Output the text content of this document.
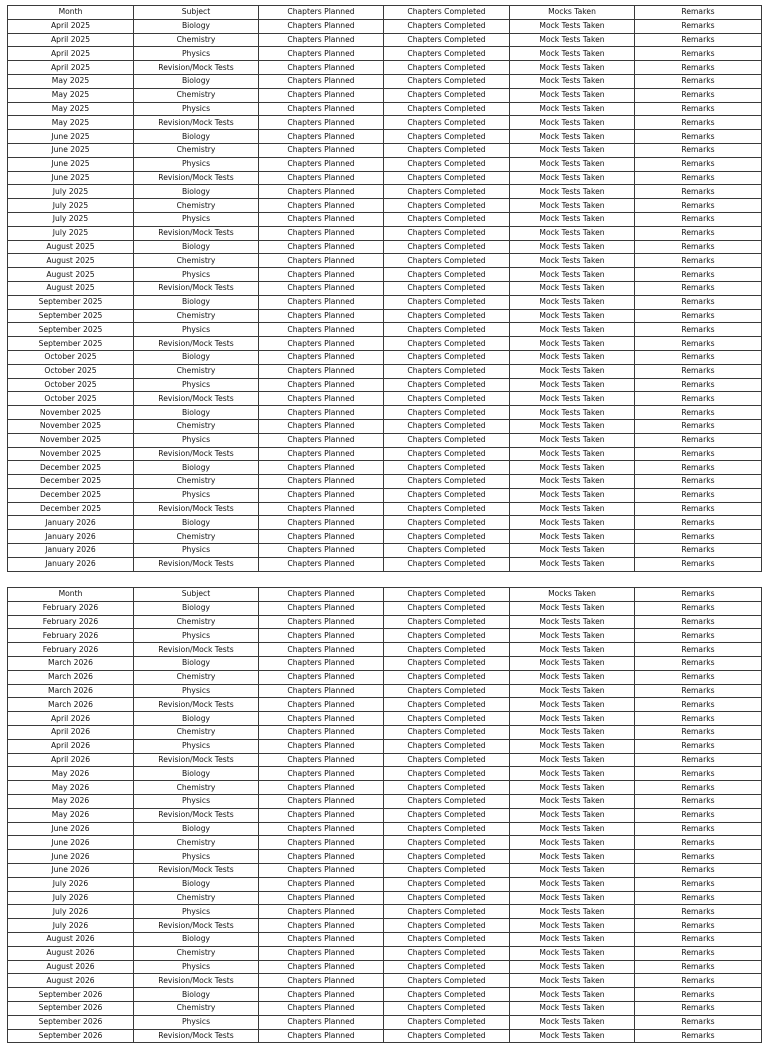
Month	Subject	Chapters Planned	Chapters Completed	Mocks Taken	Remarks
April 2025	Biology	Chapters Planned	Chapters Completed	Mock Tests Taken	Remarks
April 2025	Chemistry	Chapters Planned	Chapters Completed	Mock Tests Taken	Remarks
April 2025	Physics	Chapters Planned	Chapters Completed	Mock Tests Taken	Remarks
April 2025	Revision/Mock Tests	Chapters Planned	Chapters Completed	Mock Tests Taken	Remarks
May 2025	Biology	Chapters Planned	Chapters Completed	Mock Tests Taken	Remarks
May 2025	Chemistry	Chapters Planned	Chapters Completed	Mock Tests Taken	Remarks
May 2025	Physics	Chapters Planned	Chapters Completed	Mock Tests Taken	Remarks
May 2025	Revision/Mock Tests	Chapters Planned	Chapters Completed	Mock Tests Taken	Remarks
June 2025	Biology	Chapters Planned	Chapters Completed	Mock Tests Taken	Remarks
June 2025	Chemistry	Chapters Planned	Chapters Completed	Mock Tests Taken	Remarks
June 2025	Physics	Chapters Planned	Chapters Completed	Mock Tests Taken	Remarks
June 2025	Revision/Mock Tests	Chapters Planned	Chapters Completed	Mock Tests Taken	Remarks
July 2025	Biology	Chapters Planned	Chapters Completed	Mock Tests Taken	Remarks
July 2025	Chemistry	Chapters Planned	Chapters Completed	Mock Tests Taken	Remarks
July 2025	Physics	Chapters Planned	Chapters Completed	Mock Tests Taken	Remarks
July 2025	Revision/Mock Tests	Chapters Planned	Chapters Completed	Mock Tests Taken	Remarks
August 2025	Biology	Chapters Planned	Chapters Completed	Mock Tests Taken	Remarks
August 2025	Chemistry	Chapters Planned	Chapters Completed	Mock Tests Taken	Remarks
August 2025	Physics	Chapters Planned	Chapters Completed	Mock Tests Taken	Remarks
August 2025	Revision/Mock Tests	Chapters Planned	Chapters Completed	Mock Tests Taken	Remarks
September 2025	Biology	Chapters Planned	Chapters Completed	Mock Tests Taken	Remarks
September 2025	Chemistry	Chapters Planned	Chapters Completed	Mock Tests Taken	Remarks
September 2025	Physics	Chapters Planned	Chapters Completed	Mock Tests Taken	Remarks
September 2025	Revision/Mock Tests	Chapters Planned	Chapters Completed	Mock Tests Taken	Remarks
October 2025	Biology	Chapters Planned	Chapters Completed	Mock Tests Taken	Remarks
October 2025	Chemistry	Chapters Planned	Chapters Completed	Mock Tests Taken	Remarks
October 2025	Physics	Chapters Planned	Chapters Completed	Mock Tests Taken	Remarks
October 2025	Revision/Mock Tests	Chapters Planned	Chapters Completed	Mock Tests Taken	Remarks
November 2025	Biology	Chapters Planned	Chapters Completed	Mock Tests Taken	Remarks
November 2025	Chemistry	Chapters Planned	Chapters Completed	Mock Tests Taken	Remarks
November 2025	Physics	Chapters Planned	Chapters Completed	Mock Tests Taken	Remarks
November 2025	Revision/Mock Tests	Chapters Planned	Chapters Completed	Mock Tests Taken	Remarks
December 2025	Biology	Chapters Planned	Chapters Completed	Mock Tests Taken	Remarks
December 2025	Chemistry	Chapters Planned	Chapters Completed	Mock Tests Taken	Remarks
December 2025	Physics	Chapters Planned	Chapters Completed	Mock Tests Taken	Remarks
December 2025	Revision/Mock Tests	Chapters Planned	Chapters Completed	Mock Tests Taken	Remarks
January 2026	Biology	Chapters Planned	Chapters Completed	Mock Tests Taken	Remarks
January 2026	Chemistry	Chapters Planned	Chapters Completed	Mock Tests Taken	Remarks
January 2026	Physics	Chapters Planned	Chapters Completed	Mock Tests Taken	Remarks
January 2026	Revision/Mock Tests	Chapters Planned	Chapters Completed	Mock Tests Taken	Remarks
Month	Subject	Chapters Planned	Chapters Completed	Mocks Taken	Remarks
February 2026	Biology	Chapters Planned	Chapters Completed	Mock Tests Taken	Remarks
February 2026	Chemistry	Chapters Planned	Chapters Completed	Mock Tests Taken	Remarks
February 2026	Physics	Chapters Planned	Chapters Completed	Mock Tests Taken	Remarks
February 2026	Revision/Mock Tests	Chapters Planned	Chapters Completed	Mock Tests Taken	Remarks
March 2026	Biology	Chapters Planned	Chapters Completed	Mock Tests Taken	Remarks
March 2026	Chemistry	Chapters Planned	Chapters Completed	Mock Tests Taken	Remarks
March 2026	Physics	Chapters Planned	Chapters Completed	Mock Tests Taken	Remarks
March 2026	Revision/Mock Tests	Chapters Planned	Chapters Completed	Mock Tests Taken	Remarks
April 2026	Biology	Chapters Planned	Chapters Completed	Mock Tests Taken	Remarks
April 2026	Chemistry	Chapters Planned	Chapters Completed	Mock Tests Taken	Remarks
April 2026	Physics	Chapters Planned	Chapters Completed	Mock Tests Taken	Remarks
April 2026	Revision/Mock Tests	Chapters Planned	Chapters Completed	Mock Tests Taken	Remarks
May 2026	Biology	Chapters Planned	Chapters Completed	Mock Tests Taken	Remarks
May 2026	Chemistry	Chapters Planned	Chapters Completed	Mock Tests Taken	Remarks
May 2026	Physics	Chapters Planned	Chapters Completed	Mock Tests Taken	Remarks
May 2026	Revision/Mock Tests	Chapters Planned	Chapters Completed	Mock Tests Taken	Remarks
June 2026	Biology	Chapters Planned	Chapters Completed	Mock Tests Taken	Remarks
June 2026	Chemistry	Chapters Planned	Chapters Completed	Mock Tests Taken	Remarks
June 2026	Physics	Chapters Planned	Chapters Completed	Mock Tests Taken	Remarks
June 2026	Revision/Mock Tests	Chapters Planned	Chapters Completed	Mock Tests Taken	Remarks
July 2026	Biology	Chapters Planned	Chapters Completed	Mock Tests Taken	Remarks
July 2026	Chemistry	Chapters Planned	Chapters Completed	Mock Tests Taken	Remarks
July 2026	Physics	Chapters Planned	Chapters Completed	Mock Tests Taken	Remarks
July 2026	Revision/Mock Tests	Chapters Planned	Chapters Completed	Mock Tests Taken	Remarks
August 2026	Biology	Chapters Planned	Chapters Completed	Mock Tests Taken	Remarks
August 2026	Chemistry	Chapters Planned	Chapters Completed	Mock Tests Taken	Remarks
August 2026	Physics	Chapters Planned	Chapters Completed	Mock Tests Taken	Remarks
August 2026	Revision/Mock Tests	Chapters Planned	Chapters Completed	Mock Tests Taken	Remarks
September 2026	Biology	Chapters Planned	Chapters Completed	Mock Tests Taken	Remarks
September 2026	Chemistry	Chapters Planned	Chapters Completed	Mock Tests Taken	Remarks
September 2026	Physics	Chapters Planned	Chapters Completed	Mock Tests Taken	Remarks
September 2026	Revision/Mock Tests	Chapters Planned	Chapters Completed	Mock Tests Taken	Remarks
